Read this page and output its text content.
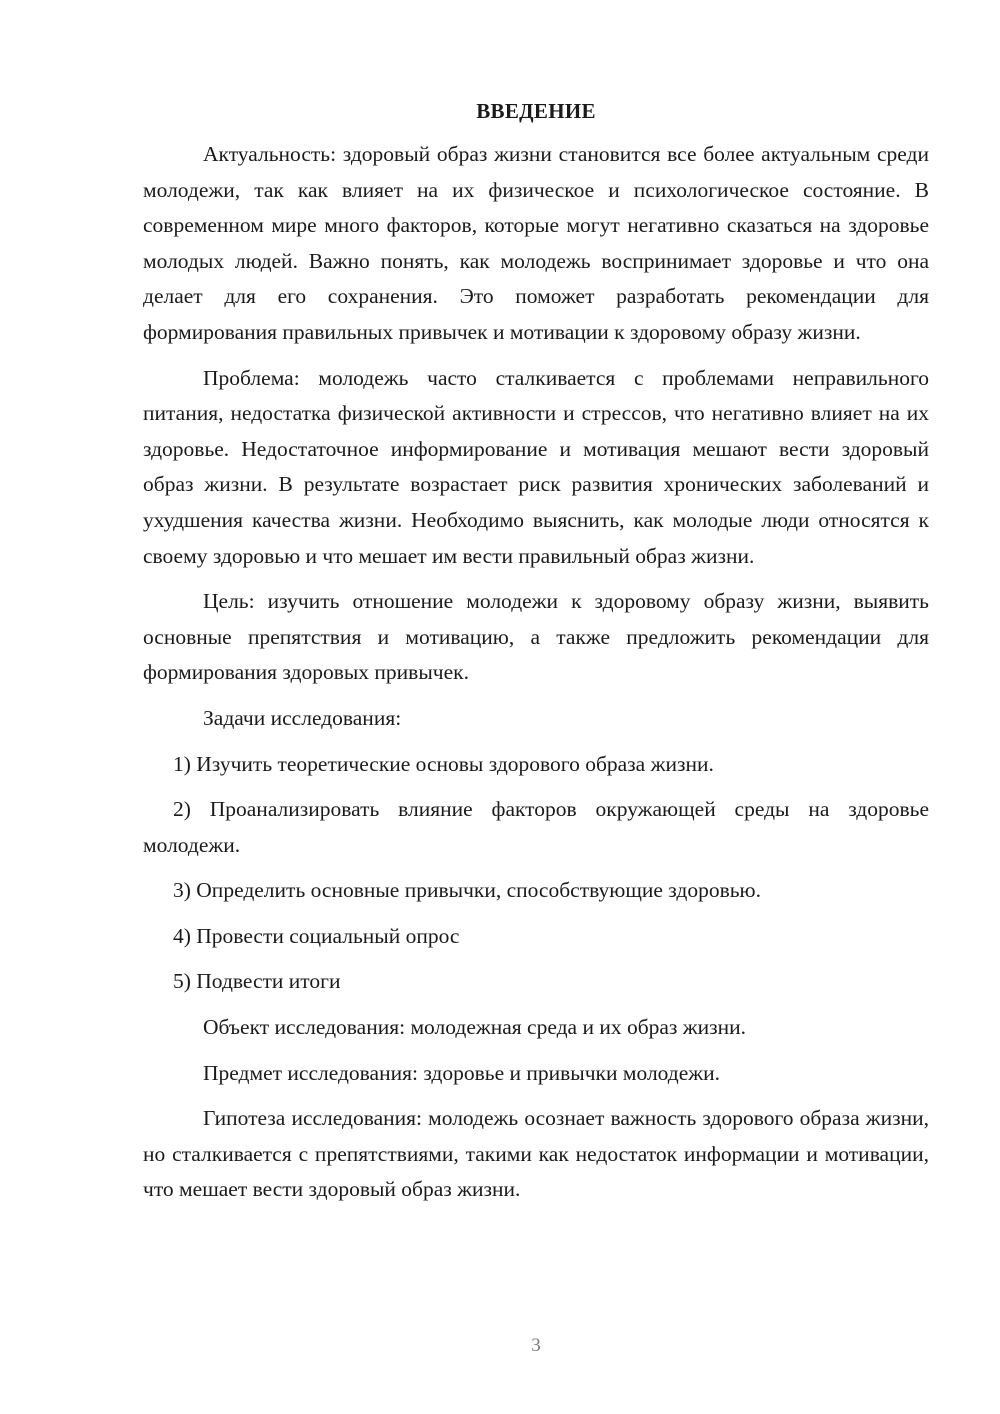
ВВЕДЕНИЕ

Актуальность: здоровый образ жизни становится все более актуальным среди молодежи, так как влияет на их физическое и психологическое состояние. В современном мире много факторов, которые могут негативно сказаться на здоровье молодых людей. Важно понять, как молодежь воспринимает здоровье и что она делает для его сохранения. Это поможет разработать рекомендации для формирования правильных привычек и мотивации к здоровому образу жизни.

Проблема: молодежь часто сталкивается с проблемами неправильного питания, недостатка физической активности и стрессов, что негативно влияет на их здоровье. Недостаточное информирование и мотивация мешают вести здоровый образ жизни. В результате возрастает риск развития хронических заболеваний и ухудшения качества жизни. Необходимо выяснить, как молодые люди относятся к своему здоровью и что мешает им вести правильный образ жизни.

Цель: изучить отношение молодежи к здоровому образу жизни, выявить основные препятствия и мотивацию, а также предложить рекомендации для формирования здоровых привычек.

Задачи исследования:

1) Изучить теоретические основы здорового образа жизни.

2) Проанализировать влияние факторов окружающей среды на здоровье молодежи.

3) Определить основные привычки, способствующие здоровью.

4) Провести социальный опрос

5) Подвести итоги

Объект исследования: молодежная среда и их образ жизни.

Предмет исследования: здоровье и привычки молодежи.

Гипотеза исследования: молодежь осознает важность здорового образа жизни, но сталкивается с препятствиями, такими как недостаток информации и мотивации, что мешает вести здоровый образ жизни.

3
